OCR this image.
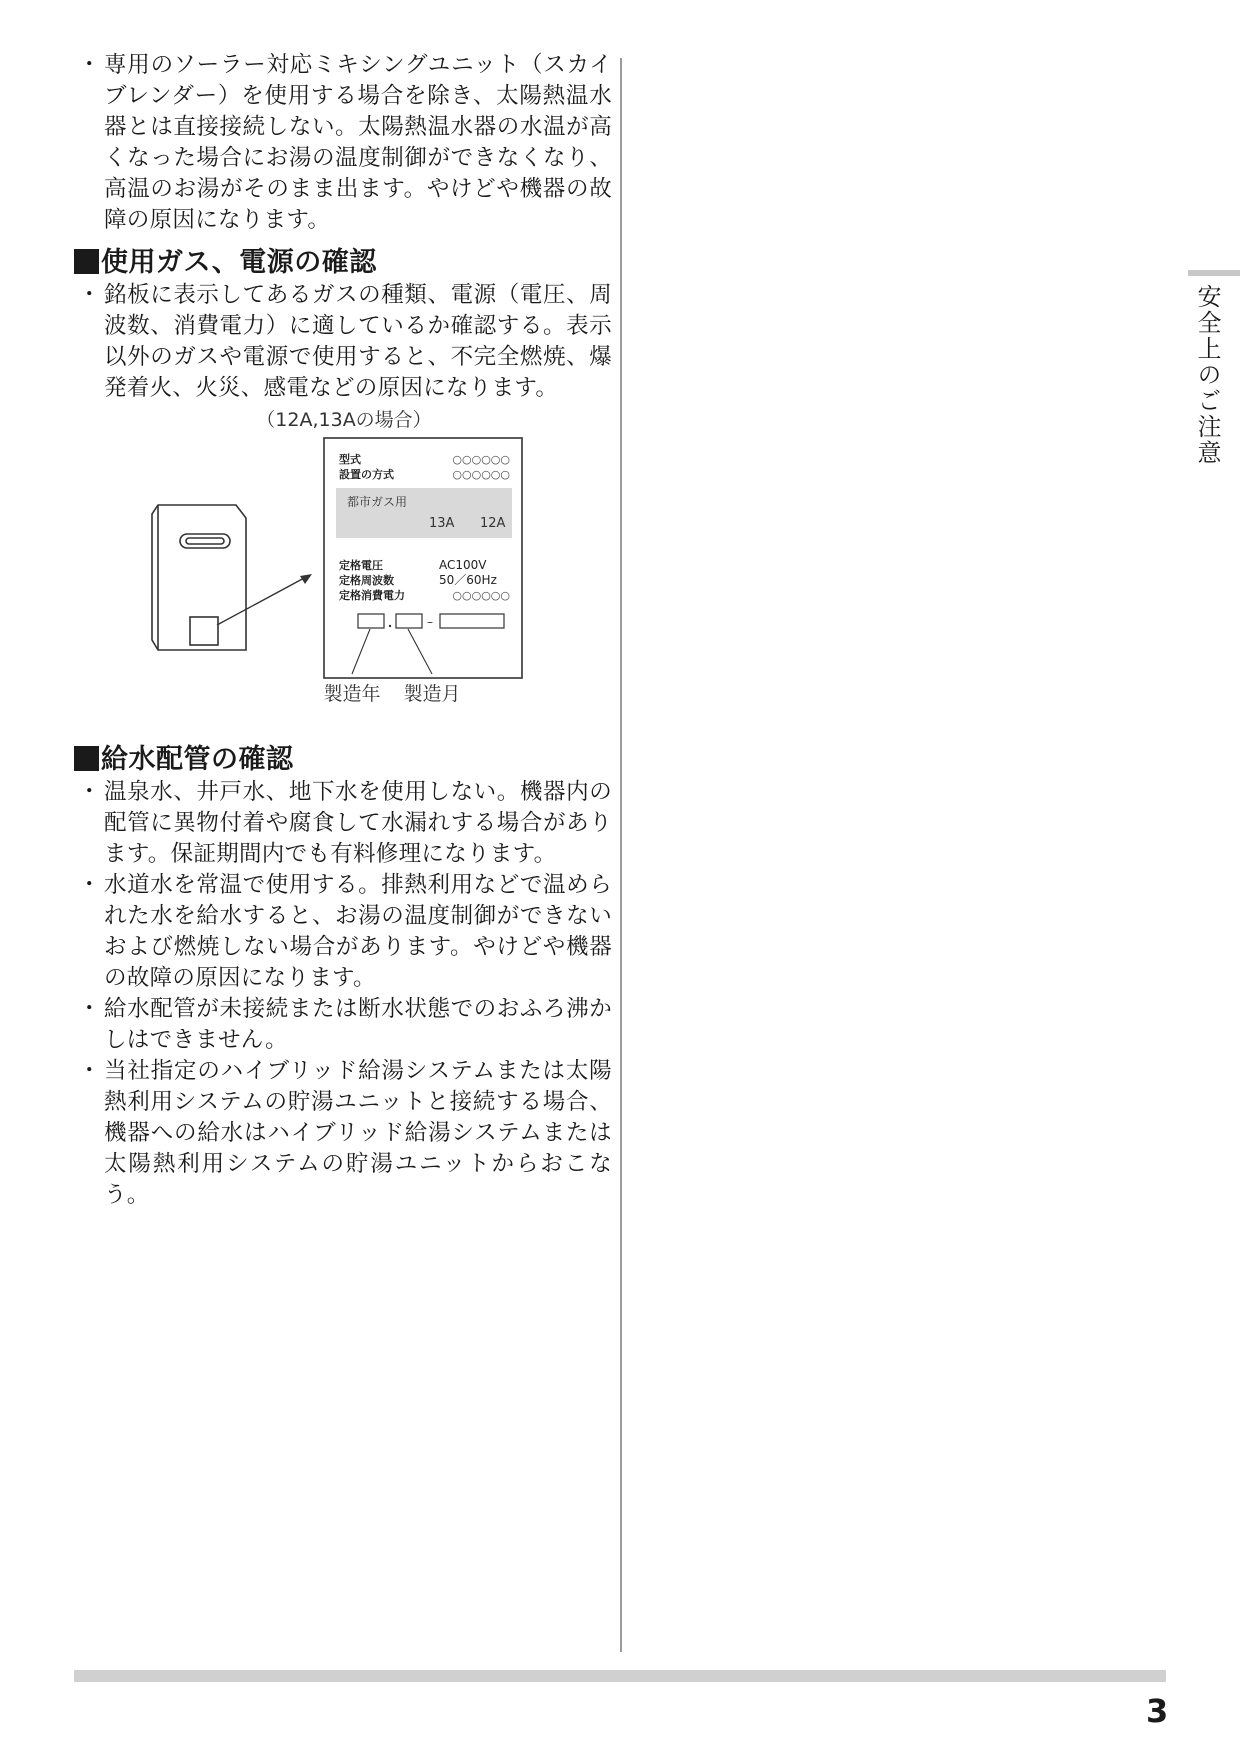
・ 専用のソーラー対応ミキシングユニット（スカイブレンダー）を使用する場合を除き、太陽熱温水器とは直接接続しない。太陽熱温水器の水温が高くなった場合にお湯の温度制御ができなくなり、高温のお湯がそのまま出ます。やけどや機器の故障の原因になります。

使用ガス、電源の確認

・ 銘板に表示してあるガスの種類、電源（電圧、周波数、消費電力）に適しているか確認する。表示以外のガスや電源で使用すると、不完全燃焼、爆発着火、火災、感電などの原因になります。

（12A,13Aの場合）
型式	○○○○○○
設置の方式	○○○○○○
都市ガス用
13A 12A
定格電圧	AC100V
定格周波数	50／60Hz
定格消費電力	○○○○○○
–
製造年 製造月
給水配管の確認

・ 温泉水、井戸水、地下水を使用しない。機器内の配管に異物付着や腐食して水漏れする場合があります。保証期間内でも有料修理になります。

・ 水道水を常温で使用する。排熱利用などで温められた水を給水すると、お湯の温度制御ができないおよび燃焼しない場合があります。やけどや機器の故障の原因になります。

・ 給水配管が未接続または断水状態でのおふろ沸かしはできません。

・ 当社指定のハイブリッド給湯システムまたは太陽熱利用システムの貯湯ユニットと接続する場合、機器への給水はハイブリッド給湯システムまたは太陽熱利用システムの貯湯ユニットからおこなう。

安全上のご注意
3
